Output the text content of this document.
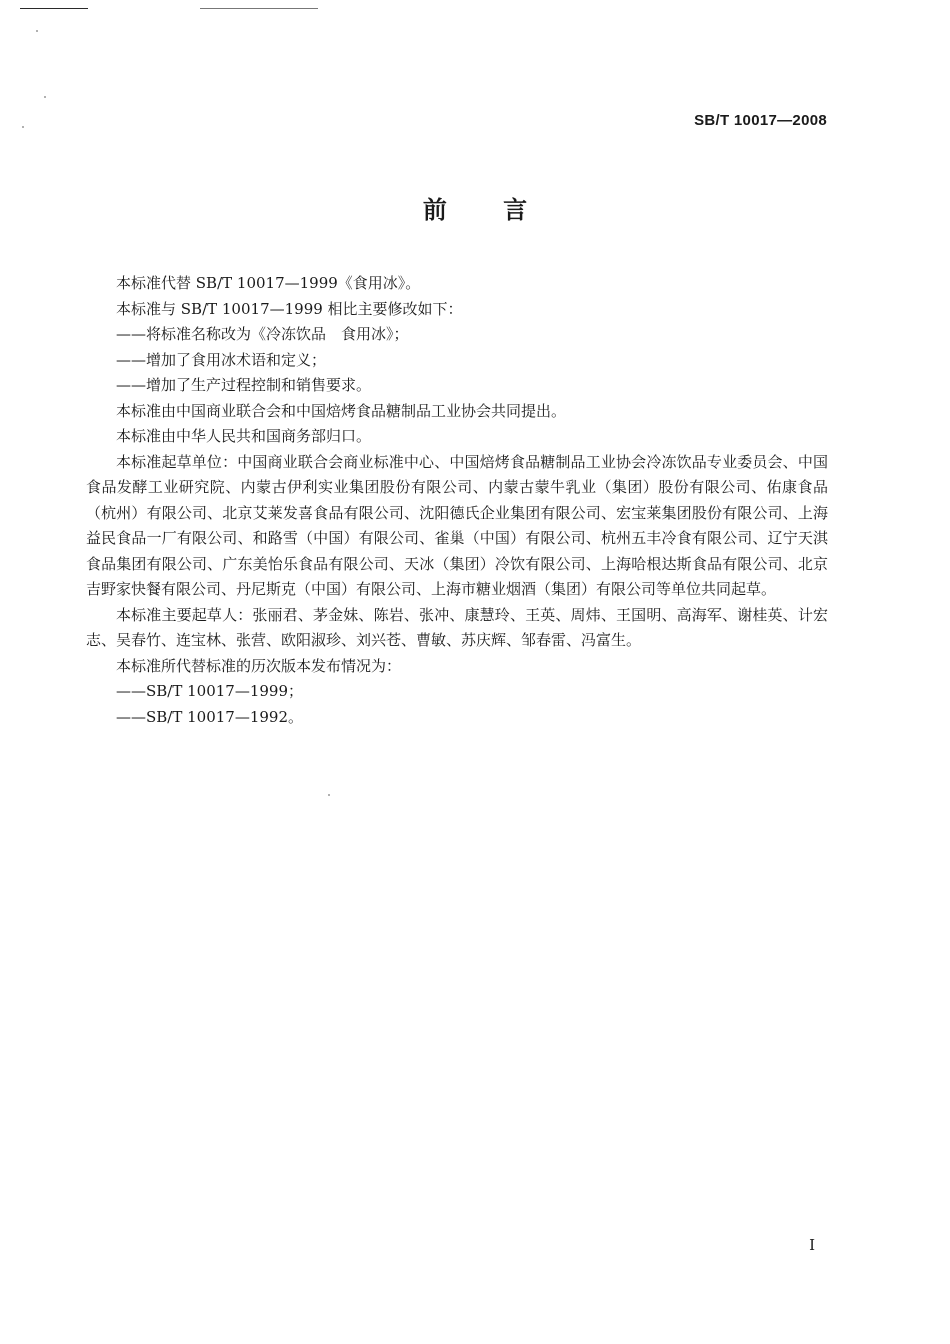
SB/T 10017—2008
前 言

本标准代替 SB/T 10017—1999《食用冰》。

本标准与 SB/T 10017—1999 相比主要修改如下：

——将标准名称改为《冷冻饮品　食用冰》；

——增加了食用冰术语和定义；

——增加了生产过程控制和销售要求。

本标准由中国商业联合会和中国焙烤食品糖制品工业协会共同提出。

本标准由中华人民共和国商务部归口。

本标准起草单位：中国商业联合会商业标准中心、中国焙烤食品糖制品工业协会冷冻饮品专业委员会、中国食品发酵工业研究院、内蒙古伊利实业集团股份有限公司、内蒙古蒙牛乳业（集团）股份有限公司、佑康食品（杭州）有限公司、北京艾莱发喜食品有限公司、沈阳德氏企业集团有限公司、宏宝莱集团股份有限公司、上海益民食品一厂有限公司、和路雪（中国）有限公司、雀巢（中国）有限公司、杭州五丰冷食有限公司、辽宁天淇食品集团有限公司、广东美怡乐食品有限公司、天冰（集团）冷饮有限公司、上海哈根达斯食品有限公司、北京吉野家快餐有限公司、丹尼斯克（中国）有限公司、上海市糖业烟酒（集团）有限公司等单位共同起草。

本标准主要起草人：张丽君、茅金妹、陈岩、张冲、康慧玲、王英、周炜、王国明、高海军、谢桂英、计宏志、吴春竹、连宝林、张营、欧阳淑珍、刘兴苍、曹敏、苏庆辉、邹春雷、冯富生。

本标准所代替标准的历次版本发布情况为：

——SB/T 10017—1999；

——SB/T 10017—1992。

I
